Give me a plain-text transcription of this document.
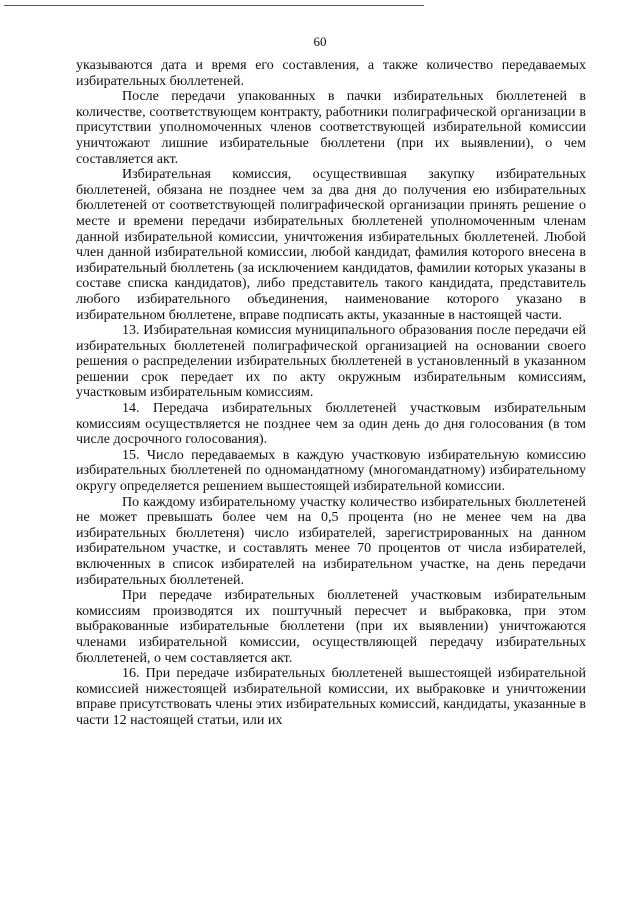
60

указываются дата и время его составления, а также количество передаваемых избирательных бюллетеней.

После передачи упакованных в пачки избирательных бюллетеней в количестве, соответствующем контракту, работники полиграфической организации в присутствии уполномоченных членов соответствующей избирательной комиссии уничтожают лишние избирательные бюллетени (при их выявлении), о чем составляется акт.

Избирательная комиссия, осуществившая закупку избирательных бюллетеней, обязана не позднее чем за два дня до получения ею избирательных бюллетеней от соответствующей полиграфической организации принять решение о месте и времени передачи избирательных бюллетеней уполномоченным членам данной избирательной комиссии, уничтожения избирательных бюллетеней. Любой член данной избирательной комиссии, любой кандидат, фамилия которого внесена в избирательный бюллетень (за исключением кандидатов, фамилии которых указаны в составе списка кандидатов), либо представитель такого кандидата, представитель любого избирательного объединения, наименование которого указано в избирательном бюллетене, вправе подписать акты, указанные в настоящей части.

13. Избирательная комиссия муниципального образования после передачи ей избирательных бюллетеней полиграфической организацией на основании своего решения о распределении избирательных бюллетеней в установленный в указанном решении срок передает их по акту окружным избирательным комиссиям, участковым избирательным комиссиям.

14. Передача избирательных бюллетеней участковым избирательным комиссиям осуществляется не позднее чем за один день до дня голосования (в том числе досрочного голосования).

15. Число передаваемых в каждую участковую избирательную комиссию избирательных бюллетеней по одномандатному (многомандатному) избирательному округу определяется решением вышестоящей избирательной комиссии.

По каждому избирательному участку количество избирательных бюллетеней не может превышать более чем на 0,5 процента (но не менее чем на два избирательных бюллетеня) число избирателей, зарегистрированных на данном избирательном участке, и составлять менее 70 процентов от числа избирателей, включенных в список избирателей на избирательном участке, на день передачи избирательных бюллетеней.

При передаче избирательных бюллетеней участковым избирательным комиссиям производятся их поштучный пересчет и выбраковка, при этом выбракованные избирательные бюллетени (при их выявлении) уничтожаются членами избирательной комиссии, осуществляющей передачу избирательных бюллетеней, о чем составляется акт.

16. При передаче избирательных бюллетеней вышестоящей избирательной комиссией нижестоящей избирательной комиссии, их выбраковке и уничтожении вправе присутствовать члены этих избирательных комиссий, кандидаты, указанные в части 12 настоящей статьи, или их
